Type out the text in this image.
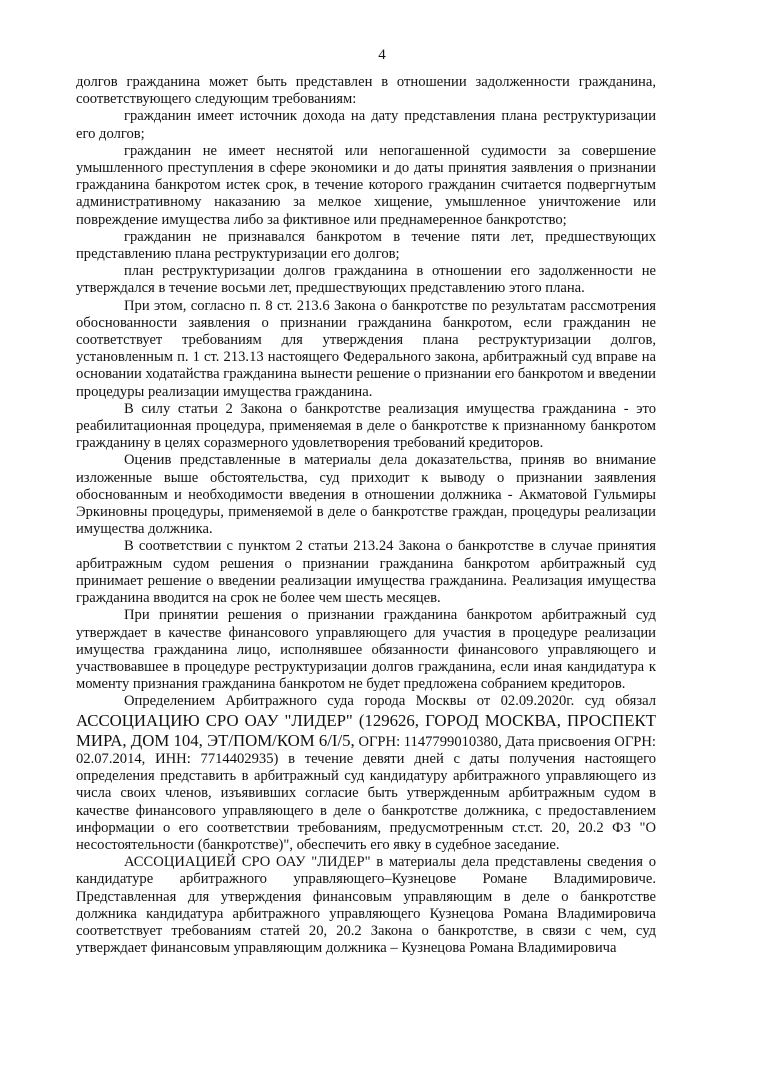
4

долгов гражданина может быть представлен в отношении задолженности гражданина, соответствующего следующим требованиям:

гражданин имеет источник дохода на дату представления плана реструктуризации его долгов;

гражданин не имеет неснятой или непогашенной судимости за совершение умышленного преступления в сфере экономики и до даты принятия заявления о признании гражданина банкротом истек срок, в течение которого гражданин считается подвергнутым административному наказанию за мелкое хищение, умышленное уничтожение или повреждение имущества либо за фиктивное или преднамеренное банкротство;

гражданин не признавался банкротом в течение пяти лет, предшествующих представлению плана реструктуризации его долгов;

план реструктуризации долгов гражданина в отношении его задолженности не утверждался в течение восьми лет, предшествующих представлению этого плана.

При этом, согласно п. 8 ст. 213.6 Закона о банкротстве по результатам рассмотрения обоснованности заявления о признании гражданина банкротом, если гражданин не соответствует требованиям для утверждения плана реструктуризации долгов, установленным п. 1 ст. 213.13 настоящего Федерального закона, арбитражный суд вправе на основании ходатайства гражданина вынести решение о признании его банкротом и введении процедуры реализации имущества гражданина.

В силу статьи 2 Закона о банкротстве реализация имущества гражданина - это реабилитационная процедура, применяемая в деле о банкротстве к признанному банкротом гражданину в целях соразмерного удовлетворения требований кредиторов.

Оценив представленные в материалы дела доказательства, приняв во внимание изложенные выше обстоятельства, суд приходит к выводу о признании заявления обоснованным и необходимости введения в отношении должника - Акматовой Гульмиры Эркиновны процедуры, применяемой в деле о банкротстве граждан, процедуры реализации имущества должника.

В соответствии с пунктом 2 статьи 213.24 Закона о банкротстве в случае принятия арбитражным судом решения о признании гражданина банкротом арбитражный суд принимает решение о введении реализации имущества гражданина. Реализация имущества гражданина вводится на срок не более чем шесть месяцев.

При принятии решения о признании гражданина банкротом арбитражный суд утверждает в качестве финансового управляющего для участия в процедуре реализации имущества гражданина лицо, исполнявшее обязанности финансового управляющего и участвовавшее в процедуре реструктуризации долгов гражданина, если иная кандидатура к моменту признания гражданина банкротом не будет предложена собранием кредиторов.

Определением Арбитражного суда города Москвы от 02.09.2020г. суд обязал АССОЦИАЦИЮ СРО ОАУ "ЛИДЕР" (129626, ГОРОД МОСКВА, ПРОСПЕКТ МИРА, ДОМ 104, ЭТ/ПОМ/КОМ 6/I/5, ОГРН: 1147799010380, Дата присвоения ОГРН: 02.07.2014, ИНН: 7714402935) в течение девяти дней с даты получения настоящего определения представить в арбитражный суд кандидатуру арбитражного управляющего из числа своих членов, изъявивших согласие быть утвержденным арбитражным судом в качестве финансового управляющего в деле о банкротстве должника, с предоставлением информации о его соответствии требованиям, предусмотренным ст.ст. 20, 20.2 ФЗ "О несостоятельности (банкротстве)", обеспечить его явку в судебное заседание.

АССОЦИАЦИЕЙ СРО ОАУ "ЛИДЕР" в материалы дела представлены сведения о кандидатуре арбитражного управляющего–Кузнецове Романе Владимировиче. Представленная для утверждения финансовым управляющим в деле о банкротстве должника кандидатура арбитражного управляющего Кузнецова Романа Владимировича соответствует требованиям статей 20, 20.2 Закона о банкротстве, в связи с чем, суд утверждает финансовым управляющим должника – Кузнецова Романа Владимировича
